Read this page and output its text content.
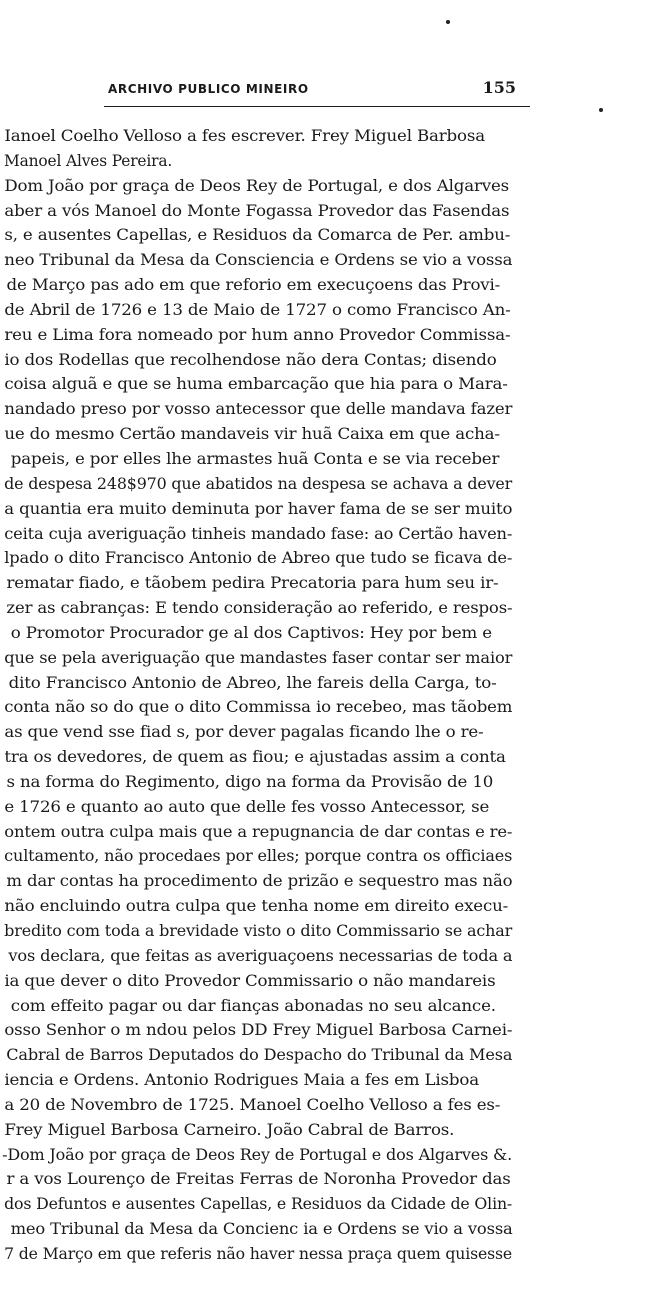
ARCHIVO PUBLICO MINEIRO	155
Ianoel Coelho Velloso a fes escrever. Frey Miguel Barbosa
Manoel Alves Pereira.
Dom João por graça de Deos Rey de Portugal, e dos Algarves
aber a vós Manoel do Monte Fogassa Provedor das Fasendas
s, e ausentes Capellas, e Residuos da Comarca de Per. ambu-
neo Tribunal da Mesa da Consciencia e Ordens se vio a vossa
de Março pas ado em que reforio em execuçoens das Provi-
de Abril de 1726 e 13 de Maio de 1727 o como Francisco An-
reu e Lima fora nomeado por hum anno Provedor Commissa-
io dos Rodellas que recolhendose não dera Contas; disendo
coisa alguã e que se huma embarcação que hia para o Mara-
nandado preso por vosso antecessor que delle mandava fazer
ue do mesmo Certão mandaveis vir huã Caixa em que acha-
papeis, e por elles lhe armastes huã Conta e se via receber
de despesa 248$970 que abatidos na despesa se achava a dever
a quantia era muito deminuta por haver fama de se ser muito
ceita cuja averiguação tinheis mandado fase: ao Certão haven-
lpado o dito Francisco Antonio de Abreo que tudo se ficava de-
rematar fiado, e tãobem pedira Precatoria para hum seu ir-
zer as cabranças: E tendo consideração ao referido, e respos-
o Promotor Procurador ge al dos Captivos: Hey por bem e
que se pela averiguação que mandastes faser contar ser maior
dito Francisco Antonio de Abreo, lhe fareis della Carga, to-
conta não so do que o dito Commissa io recebeo, mas tãobem
as que vend sse fiad s, por dever pagalas ficando lhe o re-
tra os devedores, de quem as fiou; e ajustadas assim a conta
s na forma do Regimento, digo na forma da Provisão de 10
e 1726 e quanto ao auto que delle fes vosso Antecessor, se
ontem outra culpa mais que a repugnancia de dar contas e re-
cultamento, não procedaes por elles; porque contra os officiaes
m dar contas ha procedimento de prizão e sequestro mas não
não encluindo outra culpa que tenha nome em direito execu-
bredito com toda a brevidade visto o dito Commissario se achar
vos declara, que feitas as averiguaçoens necessarias de toda a
ia que dever o dito Provedor Commissario o não mandareis
com effeito pagar ou dar fianças abonadas no seu alcance.
osso Senhor o m ndou pelos DD Frey Miguel Barbosa Carnei-
Cabral de Barros Deputados do Despacho do Tribunal da Mesa
iencia e Ordens. Antonio Rodrigues Maia a fes em Lisboa
a 20 de Novembro de 1725. Manoel Coelho Velloso a fes es-
Frey Miguel Barbosa Carneiro. João Cabral de Barros.
-Dom João por graça de Deos Rey de Portugal e dos Algarves &.
r a vos Lourenço de Freitas Ferras de Noronha Provedor das
dos Defuntos e ausentes Capellas, e Residuos da Cidade de Olin-
meo Tribunal da Mesa da Concienc ia e Ordens se vio a vossa
7 de Março em que referis não haver nessa praça quem quisesse
